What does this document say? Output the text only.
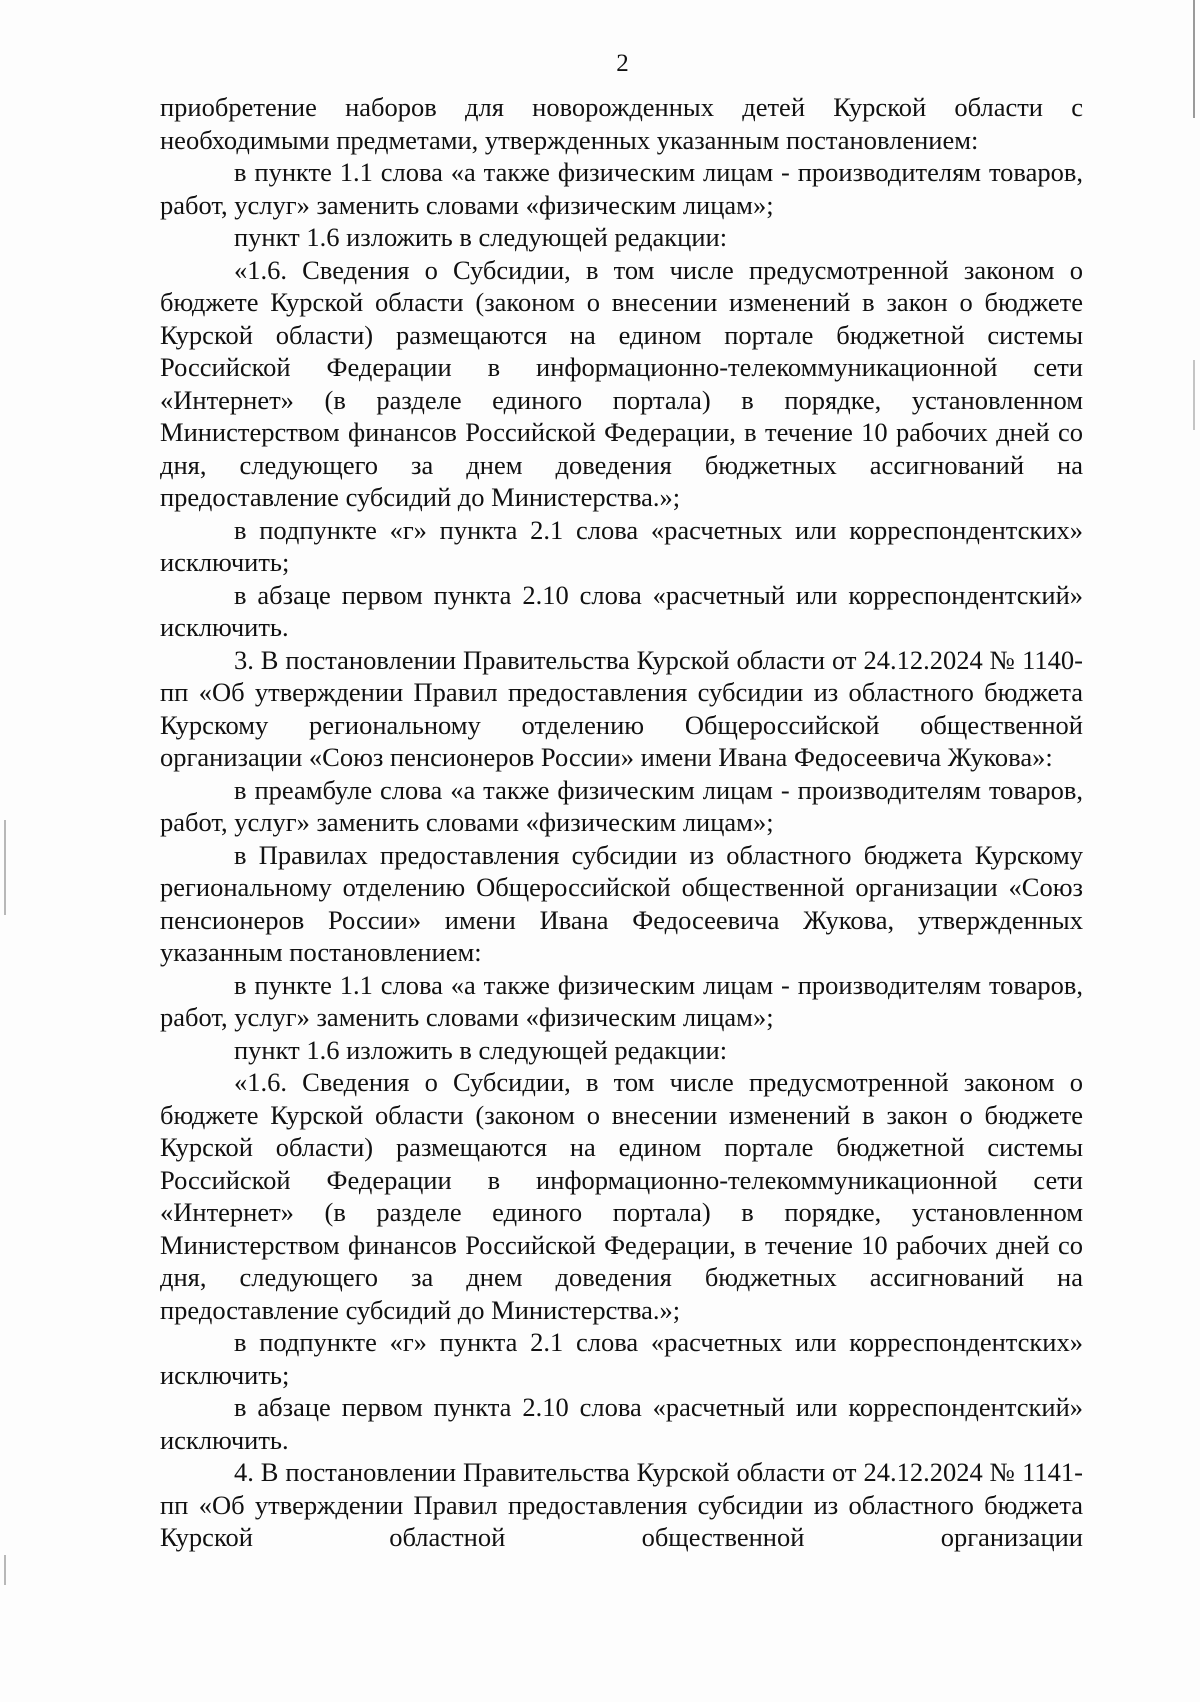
2

приобретение наборов для новорожденных детей Курской области с необходимыми предметами, утвержденных указанным постановлением:

в пункте 1.1 слова «а также физическим лицам - производителям товаров, работ, услуг» заменить словами «физическим лицам»;

пункт 1.6 изложить в следующей редакции:

«1.6. Сведения о Субсидии, в том числе предусмотренной законом о бюджете Курской области (законом о внесении изменений в закон о бюджете Курской области) размещаются на едином портале бюджетной системы Российской Федерации в информационно-телекоммуникационной сети «Интернет» (в разделе единого портала) в порядке, установленном Министерством финансов Российской Федерации, в течение 10 рабочих дней со дня, следующего за днем доведения бюджетных ассигнований на предоставление субсидий до Министерства.»;

в подпункте «г» пункта 2.1 слова «расчетных или корреспондентских» исключить;

в абзаце первом пункта 2.10 слова «расчетный или корреспондентский» исключить.

3. В постановлении Правительства Курской области от 24.12.2024 № 1140-пп «Об утверждении Правил предоставления субсидии из областного бюджета Курскому региональному отделению Общероссийской общественной организации «Союз пенсионеров России» имени Ивана Федосеевича Жукова»:

в преамбуле слова «а также физическим лицам - производителям товаров, работ, услуг» заменить словами «физическим лицам»;

в Правилах предоставления субсидии из областного бюджета Курскому региональному отделению Общероссийской общественной организации «Союз пенсионеров России» имени Ивана Федосеевича Жукова, утвержденных указанным постановлением:

в пункте 1.1 слова «а также физическим лицам - производителям товаров, работ, услуг» заменить словами «физическим лицам»;

пункт 1.6 изложить в следующей редакции:

«1.6. Сведения о Субсидии, в том числе предусмотренной законом о бюджете Курской области (законом о внесении изменений в закон о бюджете Курской области) размещаются на едином портале бюджетной системы Российской Федерации в информационно-телекоммуникационной сети «Интернет» (в разделе единого портала) в порядке, установленном Министерством финансов Российской Федерации, в течение 10 рабочих дней со дня, следующего за днем доведения бюджетных ассигнований на предоставление субсидий до Министерства.»;

в подпункте «г» пункта 2.1 слова «расчетных или корреспондентских» исключить;

в абзаце первом пункта 2.10 слова «расчетный или корреспондентский» исключить.

4. В постановлении Правительства Курской области от 24.12.2024 № 1141-пп «Об утверждении Правил предоставления субсидии из областного бюджета Курской областной общественной организации
